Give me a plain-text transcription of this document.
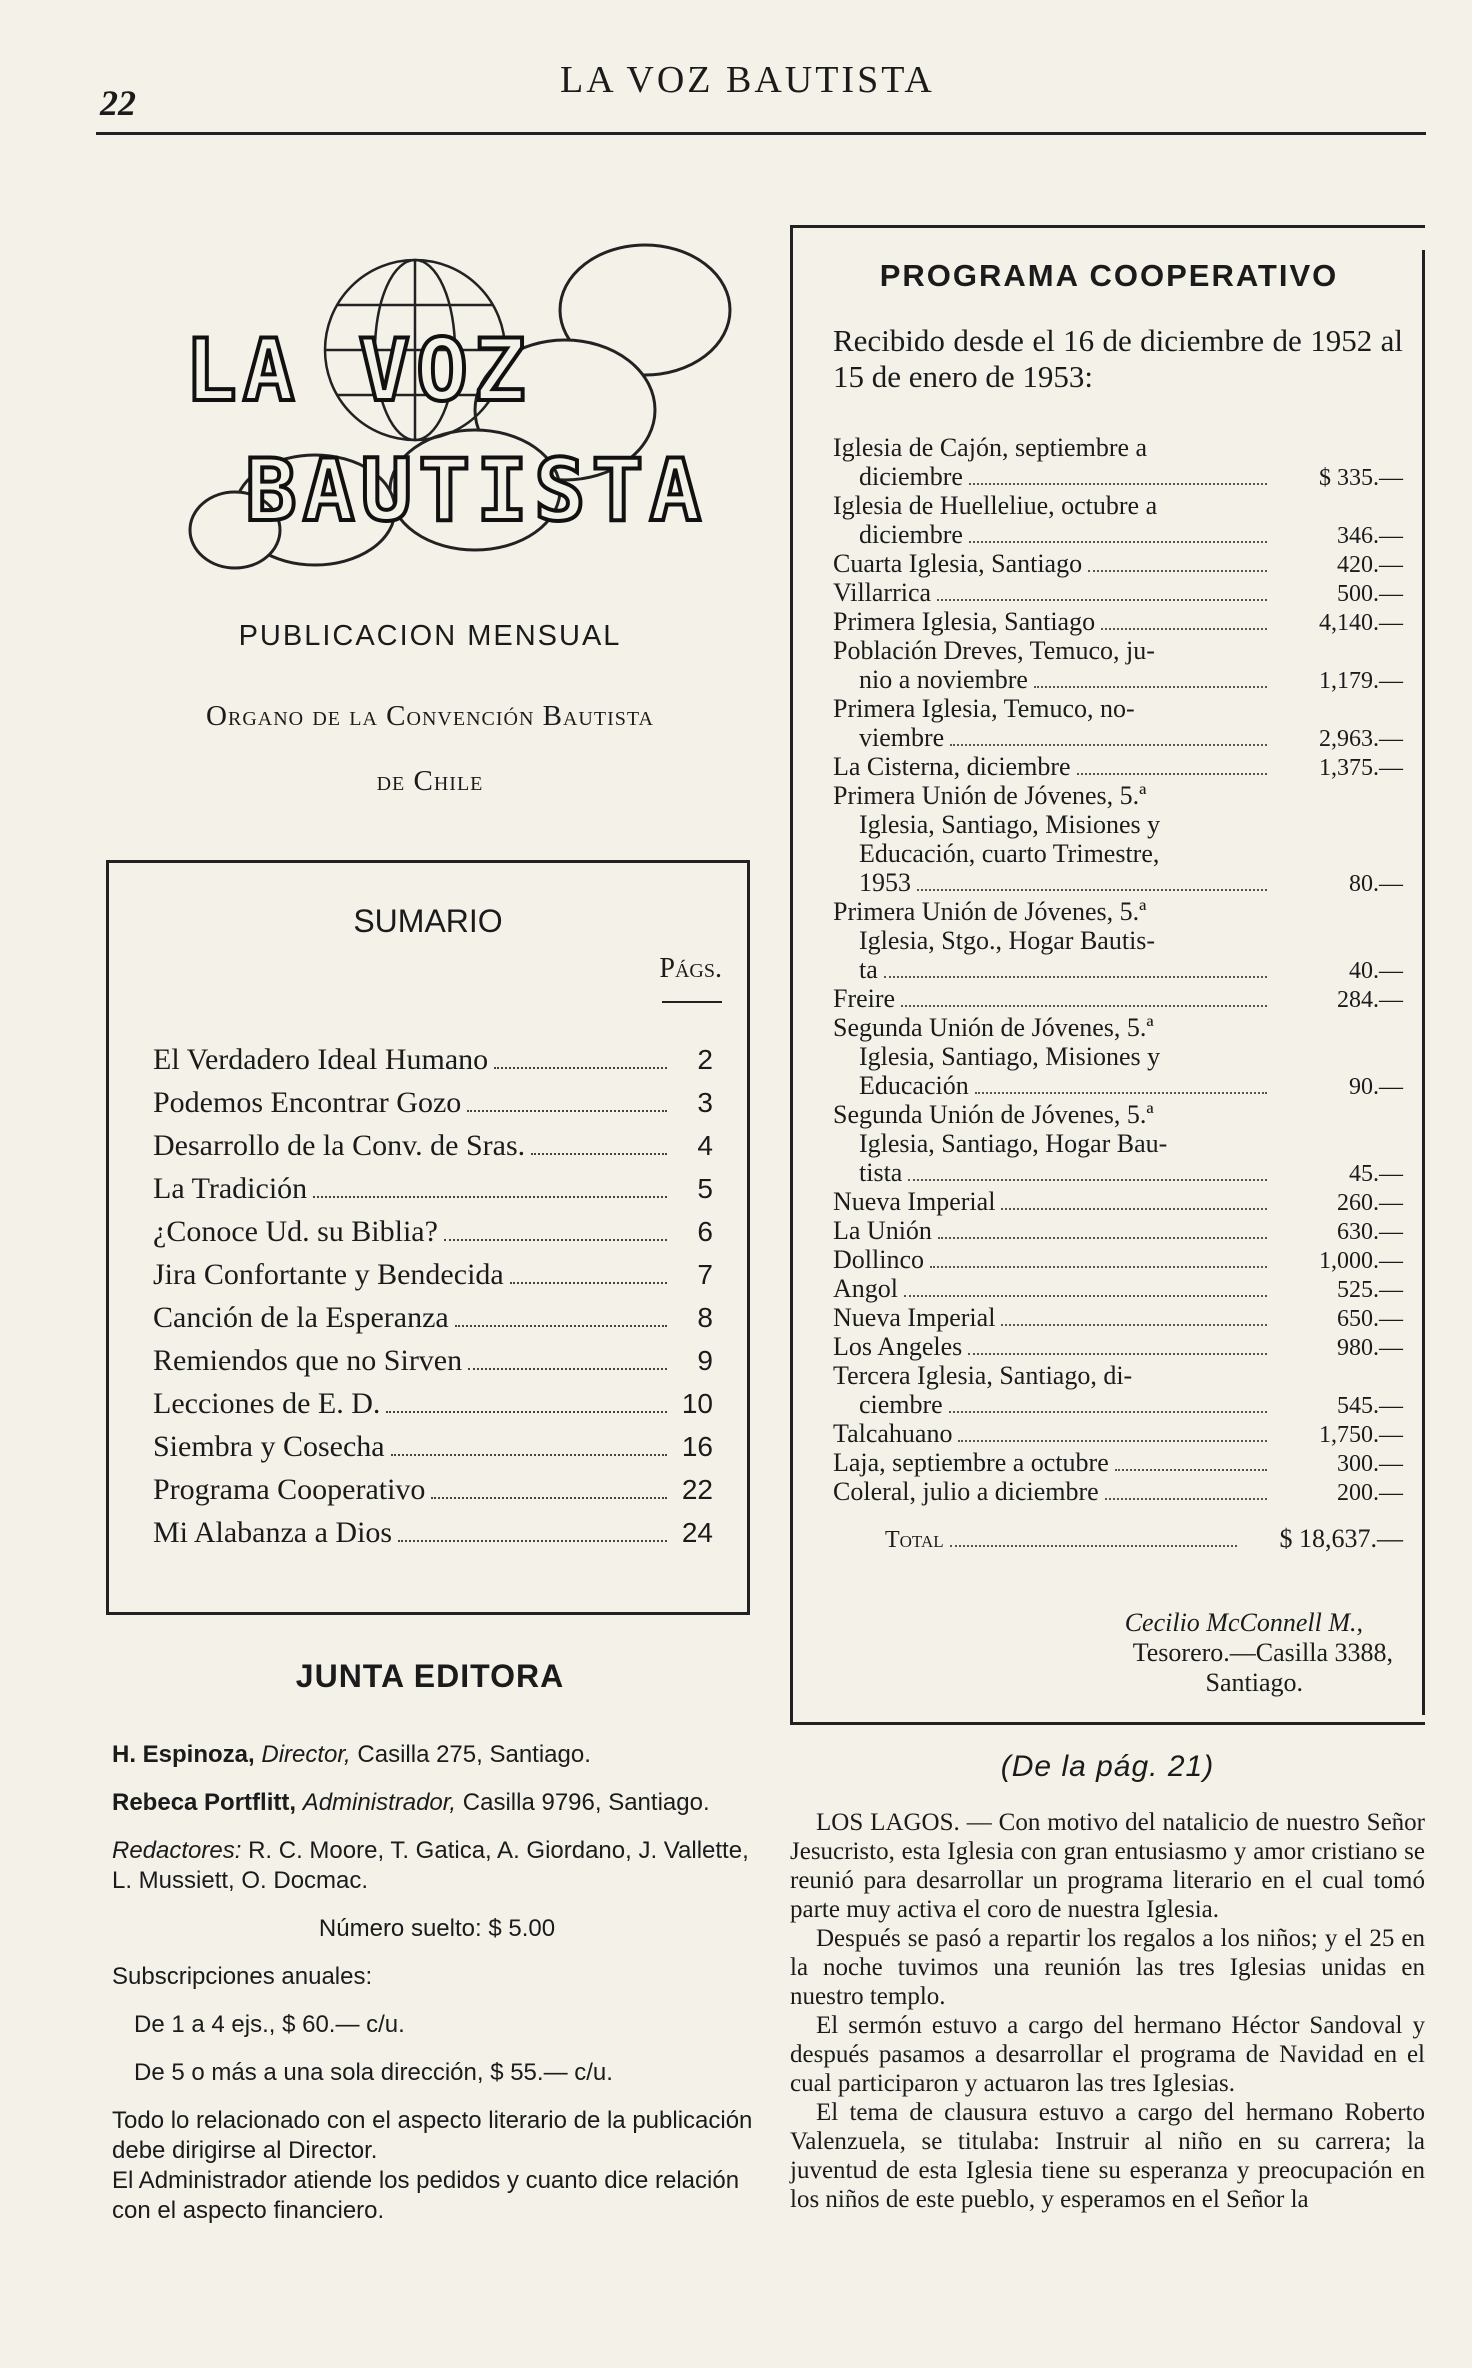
22
LA VOZ BAUTISTA
LA VOZ
BAUTISTA
PUBLICACION MENSUAL
Organo de la Convención Bautista
de Chile
SUMARIO
Págs.
El Verdadero Ideal Humano	2
Podemos Encontrar Gozo	3
Desarrollo de la Conv. de Sras.	4
La Tradición	5
¿Conoce Ud. su Biblia?	6
Jira Confortante y Bendecida	7
Canción de la Esperanza	8
Remiendos que no Sirven	9
Lecciones de E. D.	10
Siembra y Cosecha	16
Programa Cooperativo	22
Mi Alabanza a Dios	24
JUNTA EDITORA

H. Espinoza, Director, Casilla 275, Santiago.

Rebeca Portflitt, Administrador, Casilla 9796, Santiago.

Redactores: R. C. Moore, T. Gatica, A. Giordano, J. Vallette, L. Mussiett, O. Docmac.

Número suelto: $ 5.00

Subscripciones anuales:

De 1 a 4 ejs., $ 60.— c/u.

De 5 o más a una sola dirección, $ 55.— c/u.

Todo lo relacionado con el aspecto literario de la publicación debe dirigirse al Director.

El Administrador atiende los pedidos y cuanto dice relación con el aspecto financiero.

PROGRAMA COOPERATIVO
Recibido desde el 16 de diciembre de 1952 al 15 de enero de 1953:
Iglesia de Cajón, septiembre a
diciembre	$ 335.—
Iglesia de Huelleliue, octubre a
diciembre	346.—
Cuarta Iglesia, Santiago	420.—
Villarrica	500.—
Primera Iglesia, Santiago	4,140.—
Población Dreves, Temuco, ju-
nio a noviembre	1,179.—
Primera Iglesia, Temuco, no-
viembre	2,963.—
La Cisterna, diciembre	1,375.—
Primera Unión de Jóvenes, 5.ª
Iglesia, Santiago, Misiones y
Educación, cuarto Trimestre,
1953	80.—
Primera Unión de Jóvenes, 5.ª
Iglesia, Stgo., Hogar Bautis-
ta	40.—
Freire	284.—
Segunda Unión de Jóvenes, 5.ª
Iglesia, Santiago, Misiones y
Educación	90.—
Segunda Unión de Jóvenes, 5.ª
Iglesia, Santiago, Hogar Bau-
tista	45.—
Nueva Imperial	260.—
La Unión	630.—
Dollinco	1,000.—
Angol	525.—
Nueva Imperial	650.—
Los Angeles	980.—
Tercera Iglesia, Santiago, di-
ciembre	545.—
Talcahuano	1,750.—
Laja, septiembre a octubre	300.—
Coleral, julio a diciembre	200.—
Total	$ 18,637.—
Cecilio McConnell M.,
Tesorero.—Casilla 3388,
Santiago.
(De la pág. 21)

LOS LAGOS. — Con motivo del natalicio de nuestro Señor Jesucristo, esta Iglesia con gran entusiasmo y amor cristiano se reunió para desarrollar un programa literario en el cual tomó parte muy activa el coro de nuestra Iglesia.

Después se pasó a repartir los regalos a los niños; y el 25 en la noche tuvimos una reunión las tres Iglesias unidas en nuestro templo.

El sermón estuvo a cargo del hermano Héctor Sandoval y después pasamos a desarrollar el programa de Navidad en el cual participaron y actuaron las tres Iglesias.

El tema de clausura estuvo a cargo del hermano Roberto Valenzuela, se titulaba: Instruir al niño en su carrera; la juventud de esta Iglesia tiene su esperanza y preocupación en los niños de este pueblo, y esperamos en el Señor la
